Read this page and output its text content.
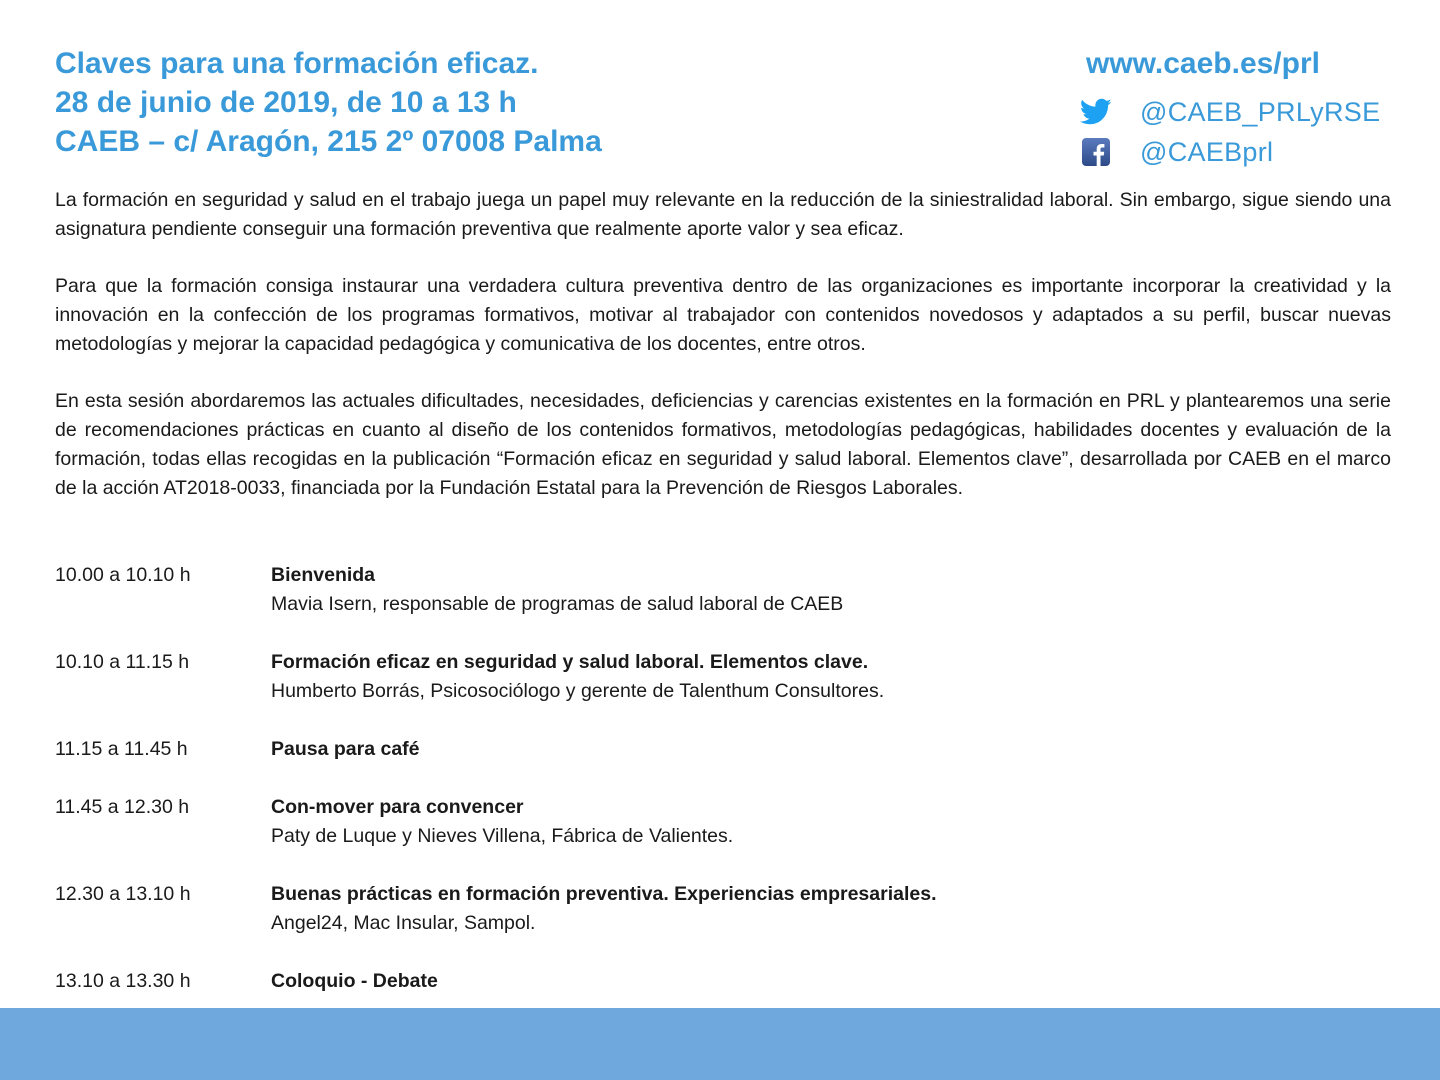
Claves para una formación eficaz.
28 de junio de 2019, de 10 a 13 h
CAEB – c/ Aragón, 215 2º 07008 Palma
www.caeb.es/prl
@CAEB_PRLyRSE
@CAEBprl

La formación en seguridad y salud en el trabajo juega un papel muy relevante en la reducción de la siniestralidad laboral. Sin embargo, sigue siendo una asignatura pendiente conseguir una formación preventiva que realmente aporte valor y sea eficaz.

Para que la formación consiga instaurar una verdadera cultura preventiva dentro de las organizaciones es importante incorporar la creatividad y la innovación en la confección de los programas formativos, motivar al trabajador con contenidos novedosos y adaptados a su perfil, buscar nuevas metodologías y mejorar la capacidad pedagógica y comunicativa de los docentes, entre otros.

En esta sesión abordaremos las actuales dificultades, necesidades, deficiencias y carencias existentes en la formación en PRL y plantearemos una serie de recomendaciones prácticas en cuanto al diseño de los contenidos formativos, metodologías pedagógicas, habilidades docentes y evaluación de la formación, todas ellas recogidas en la publicación “Formación eficaz en seguridad y salud laboral. Elementos clave”, desarrollada por CAEB en el marco de la acción AT2018-0033, financiada por la Fundación Estatal para la Prevención de Riesgos Laborales.

10.00 a 10.10 h	Bienvenida
Mavia Isern, responsable de programas de salud laboral de CAEB
10.10 a 11.15 h	Formación eficaz en seguridad y salud laboral. Elementos clave.
Humberto Borrás, Psicosociólogo y gerente de Talenthum Consultores.
11.15 a 11.45 h	Pausa para café
11.45 a 12.30 h	Con-mover para convencer
Paty de Luque y Nieves Villena, Fábrica de Valientes.
12.30 a 13.10 h	Buenas prácticas en formación preventiva. Experiencias empresariales.
Angel24, Mac Insular, Sampol.
13.10 a 13.30 h	Coloquio - Debate
